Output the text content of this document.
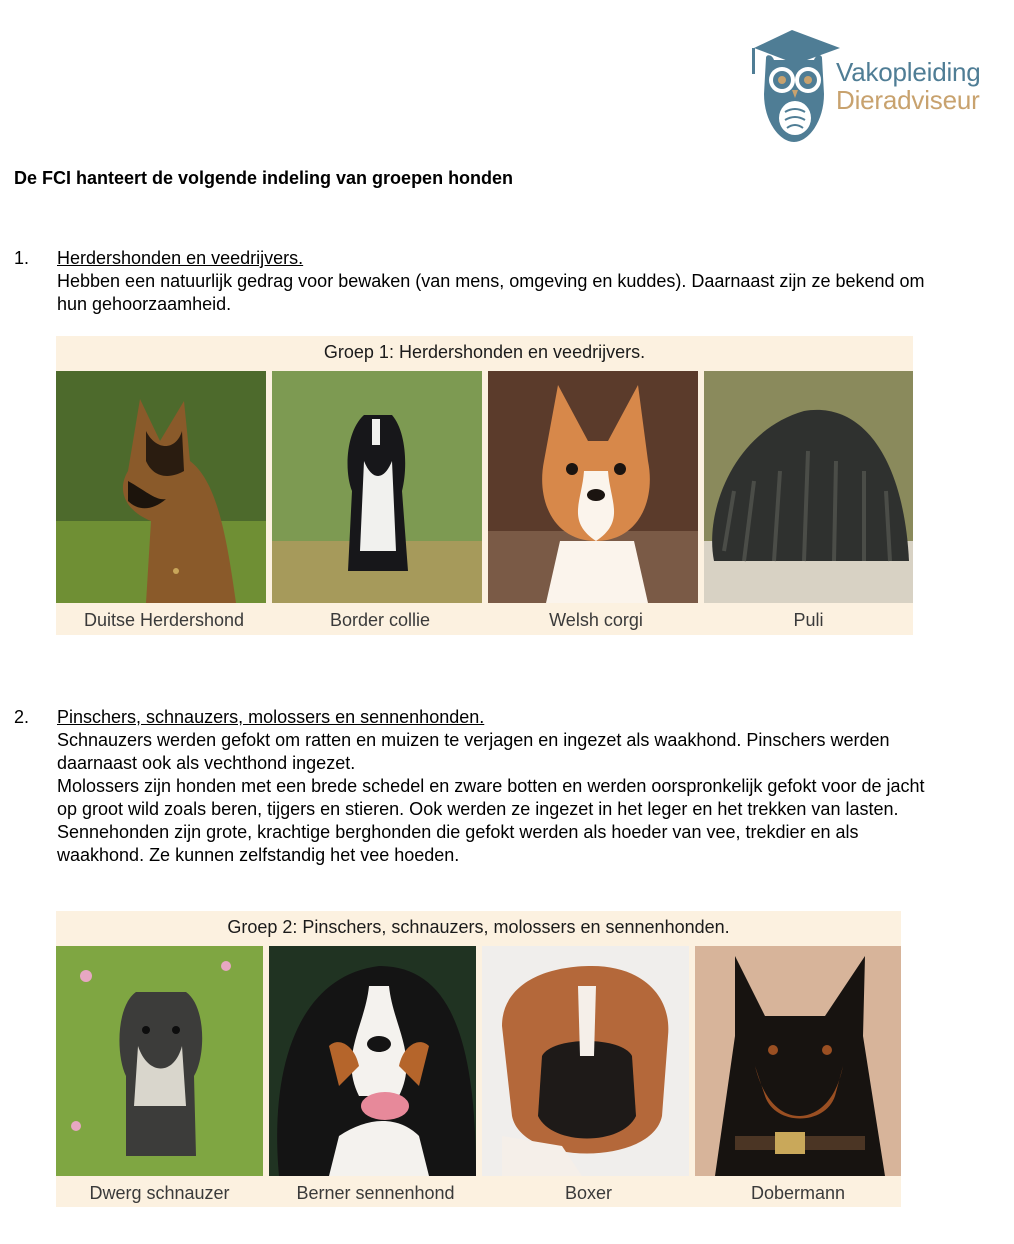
Vakopleiding
Dieradviseur
De FCI hanteert de volgende indeling van groepen honden
1. Herdershonden en veedrijvers.

Hebben een natuurlijk gedrag voor bewaken (van mens, omgeving en kuddes). Daarnaast zijn ze bekend om hun gehoorzaamheid.

Groep 1: Herdershonden en veedrijvers.
Duitse Herdershond	Border collie	Welsh corgi	Puli
2. Pinschers, schnauzers, molossers en sennenhonden.

Schnauzers werden gefokt om ratten en muizen te verjagen en ingezet als waakhond. Pinschers werden daarnaast ook als vechthond ingezet.

Molossers zijn honden met een brede schedel en zware botten en werden oorspronkelijk gefokt voor de jacht op groot wild zoals beren, tijgers en stieren. Ook werden ze ingezet in het leger en het trekken van lasten.

Sennehonden zijn grote, krachtige berghonden die gefokt werden als hoeder van vee, trekdier en als waakhond. Ze kunnen zelfstandig het vee hoeden.

Groep 2: Pinschers, schnauzers, molossers en sennenhonden.
Dwerg schnauzer	Berner sennenhond	Boxer	Dobermann
